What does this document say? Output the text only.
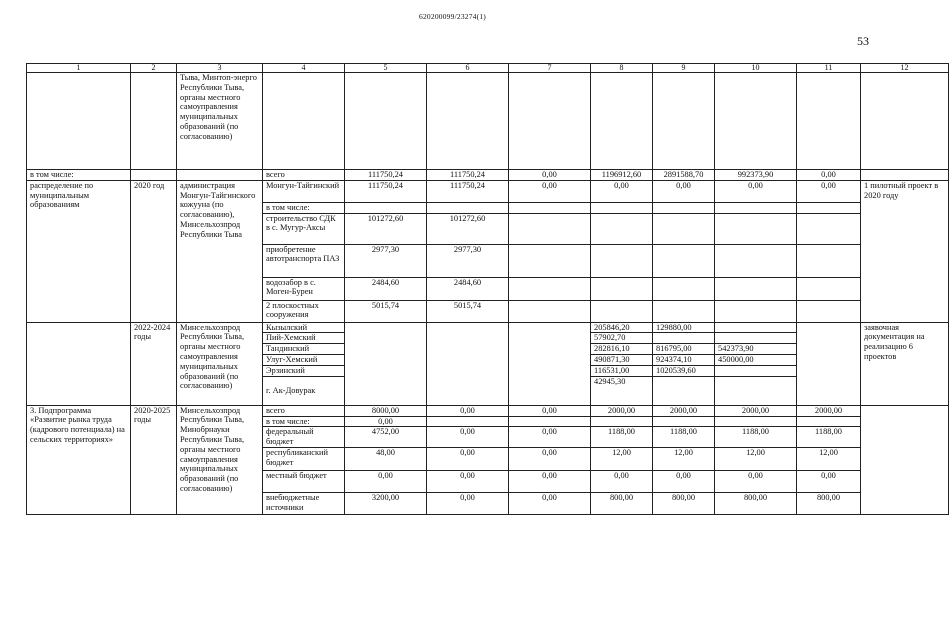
620200099/23274(1)
53
1	2	3	4	5	6	7	8	9	10	11	12
		Тыва, Минтоп-энерго Республики Тыва, органы местного самоуправления муниципальных образований (по согласованию)									
в том числе:			всего	111750,24	111750,24	0,00	1196912,60	2891588,70	992373,90	0,00	
распределение по муниципальным образованиям	2020 год	администрация Монгун-Тайгинского кожууна (по согласованию), Минсельхозпрод Республики Тыва	Монгун-Тайгинский	111750,24	111750,24	0,00	0,00	0,00	0,00	0,00	1 пилотный проект в 2020 году
			в том числе:								
			строительство СДК в с. Мугур-Аксы	101272,60	101272,60						
			приобретение автотранспорта ПАЗ	2977,30	2977,30						
			водозабор в с. Моген-Бурен	2484,60	2484,60						
			2 плоскостных сооружения	5015,74	5015,74						
	2022-2024 годы	Минсельхозпрод Республики Тыва, органы местного самоуправления муниципальных образований (по согласованию)	Кызылский				205846,20	129880,00			заявочная документация на реализацию 6 проектов
			Пий-Хемский				57902,70				
			Тандинский				282816,10	816795,00	542373,90		
			Улуг-Хемский				490871,30	924374,10	450000,00		
			Эрзинский				116531,00	1020539,60			
			г. Ак-Довурак				42945,30				
3. Подпрограмма «Развитие рынка труда (кадрового потенциала) на сельских территориях»	2020-2025 годы	Минсельхозпрод Республики Тыва, Минобрнауки Республики Тыва, органы местного самоуправления муниципальных образований (по согласованию)	всего	8000,00	0,00	0,00	2000,00	2000,00	2000,00	2000,00	
			в том числе:	0,00							
			федеральный бюджет	4752,00	0,00	0,00	1188,00	1188,00	1188,00	1188,00	
			республиканский бюджет	48,00	0,00	0,00	12,00	12,00	12,00	12,00	
			местный бюджет	0,00	0,00	0,00	0,00	0,00	0,00	0,00	
			внебюджетные источники	3200,00	0,00	0,00	800,00	800,00	800,00	800,00	
